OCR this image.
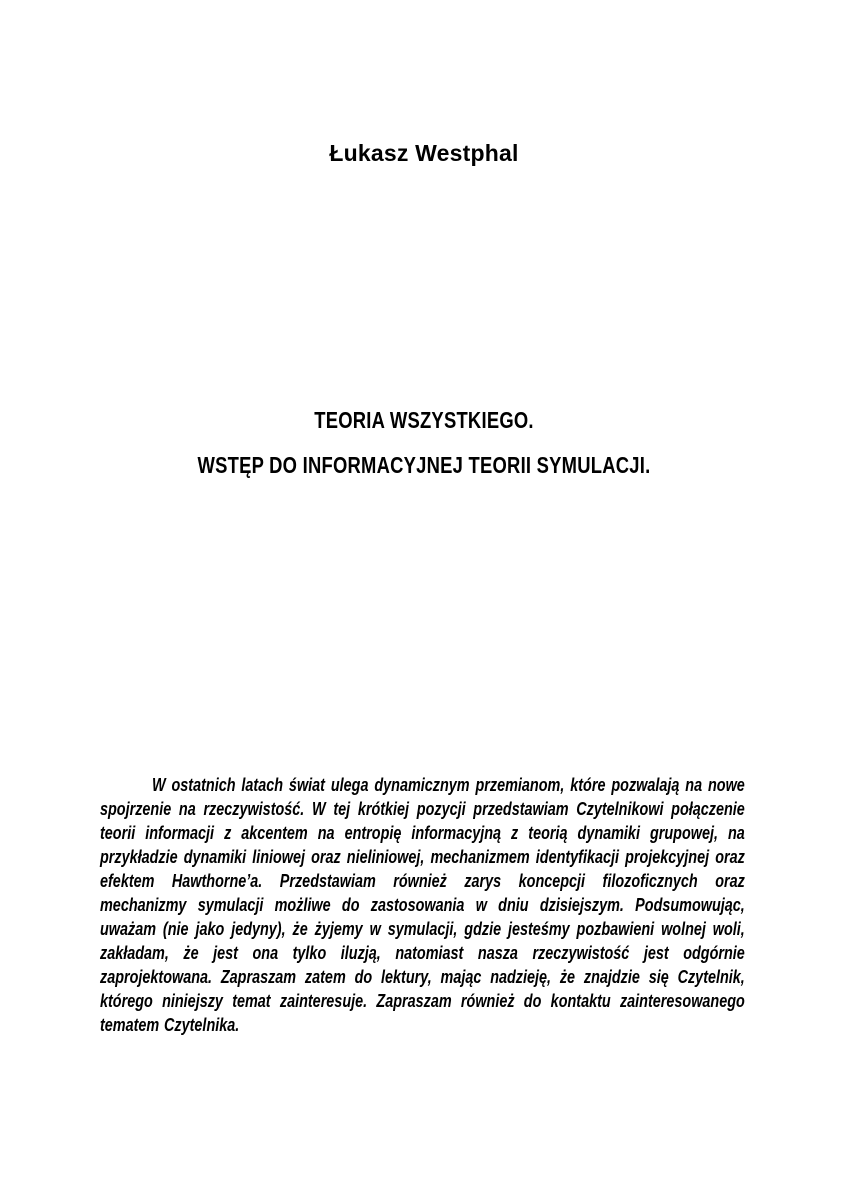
Łukasz Westphal
TEORIA WSZYSTKIEGO.
WSTĘP DO INFORMACYJNEJ TEORII SYMULACJI.

W ostatnich latach świat ulega dynamicznym przemianom, które pozwalają na nowe spojrzenie na rzeczywistość. W tej krótkiej pozycji przedstawiam Czytelnikowi połączenie teorii informacji z akcentem na entropię informacyjną z teorią dynamiki grupowej, na przykładzie dynamiki liniowej oraz nieliniowej, mechanizmem identyfikacji projekcyjnej oraz efektem Hawthorne’a. Przedstawiam również zarys koncepcji filozoficznych oraz mechanizmy symulacji możliwe do zastosowania w dniu dzisiejszym. Podsumowując, uważam (nie jako jedyny), że żyjemy w symulacji, gdzie jesteśmy pozbawieni wolnej woli, zakładam, że jest ona tylko iluzją, natomiast nasza rzeczywistość jest odgórnie zaprojektowana. Zapraszam zatem do lektury, mając nadzieję, że znajdzie się Czytelnik, którego niniejszy temat zainteresuje. Zapraszam również do kontaktu zainteresowanego tematem Czytelnika.
